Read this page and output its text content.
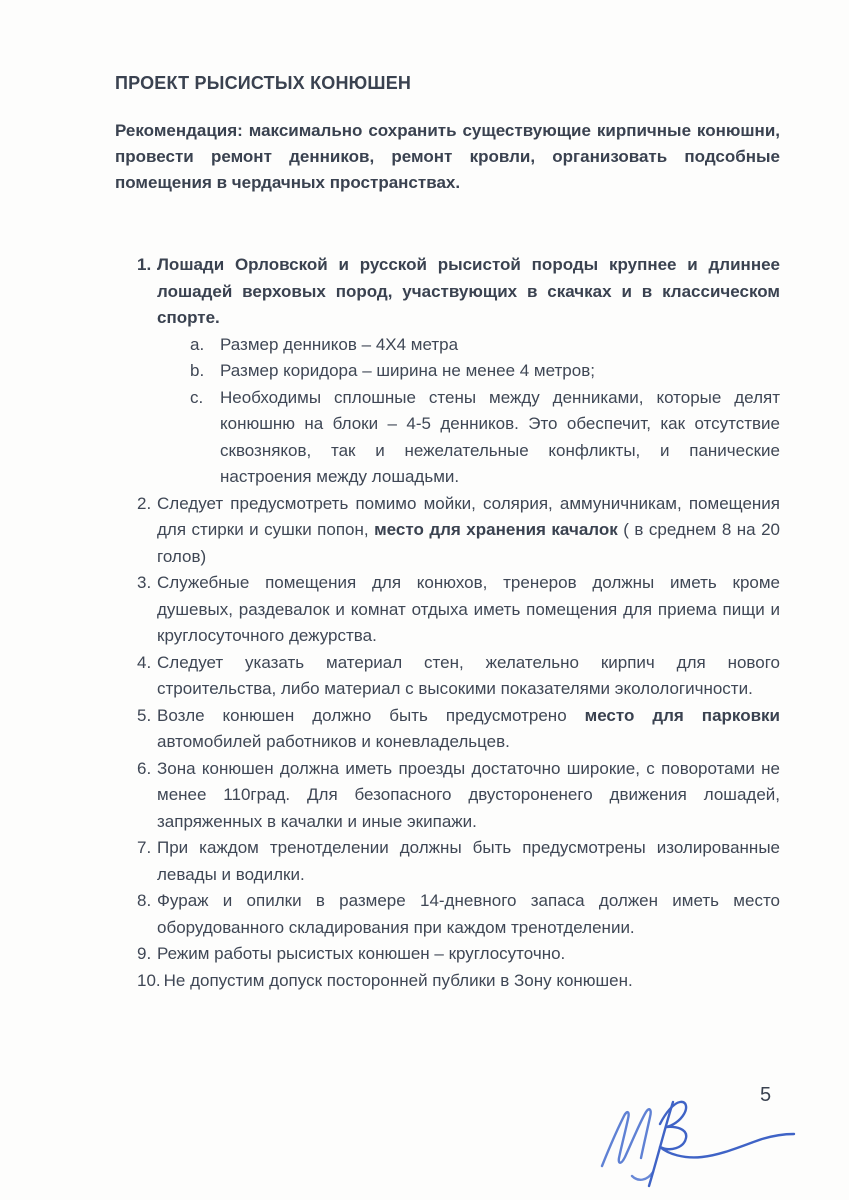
ПРОЕКТ РЫСИСТЫХ КОНЮШЕН

Рекомендация: максимально сохранить существующие кирпичные конюшни, провести ремонт денников, ремонт кровли, организовать подсобные помещения в чердачных пространствах.

1. Лошади Орловской и русской рысистой породы крупнее и длиннее лошадей верховых пород, участвующих в скачках и в классическом спорте.
a. Размер денников – 4Х4 метра
b. Размер коридора – ширина не менее 4 метров;
c. Необходимы сплошные стены между денниками, которые делят конюшню на блоки – 4-5 денников. Это обеспечит, как отсутствие сквозняков, так и нежелательные конфликты, и панические настроения между лошадьми.
2. Следует предусмотреть помимо мойки, солярия, аммуничникам, помещения для стирки и сушки попон, место для хранения качалок ( в среднем 8 на 20 голов)
3. Служебные помещения для конюхов, тренеров должны иметь кроме душевых, раздевалок и комнат отдыха иметь помещения для приема пищи и круглосуточного дежурства.
4. Следует указать материал стен, желательно кирпич для нового строительства, либо материал с высокими показателями эколологичности.
5. Возле конюшен должно быть предусмотрено место для парковки автомобилей работников и коневладельцев.
6. Зона конюшен должна иметь проезды достаточно широкие, с поворотами не менее 110град. Для безопасного двустороненего движения лошадей, запряженных в качалки и иные экипажи.
7. При каждом тренотделении должны быть предусмотрены изолированные левады и водилки.
8. Фураж и опилки в размере 14-дневного запаса должен иметь место оборудованного складирования при каждом тренотделении.
9. Режим работы рысистых конюшен – круглосуточно.
10. Не допустим допуск посторонней публики в Зону конюшен.
5
